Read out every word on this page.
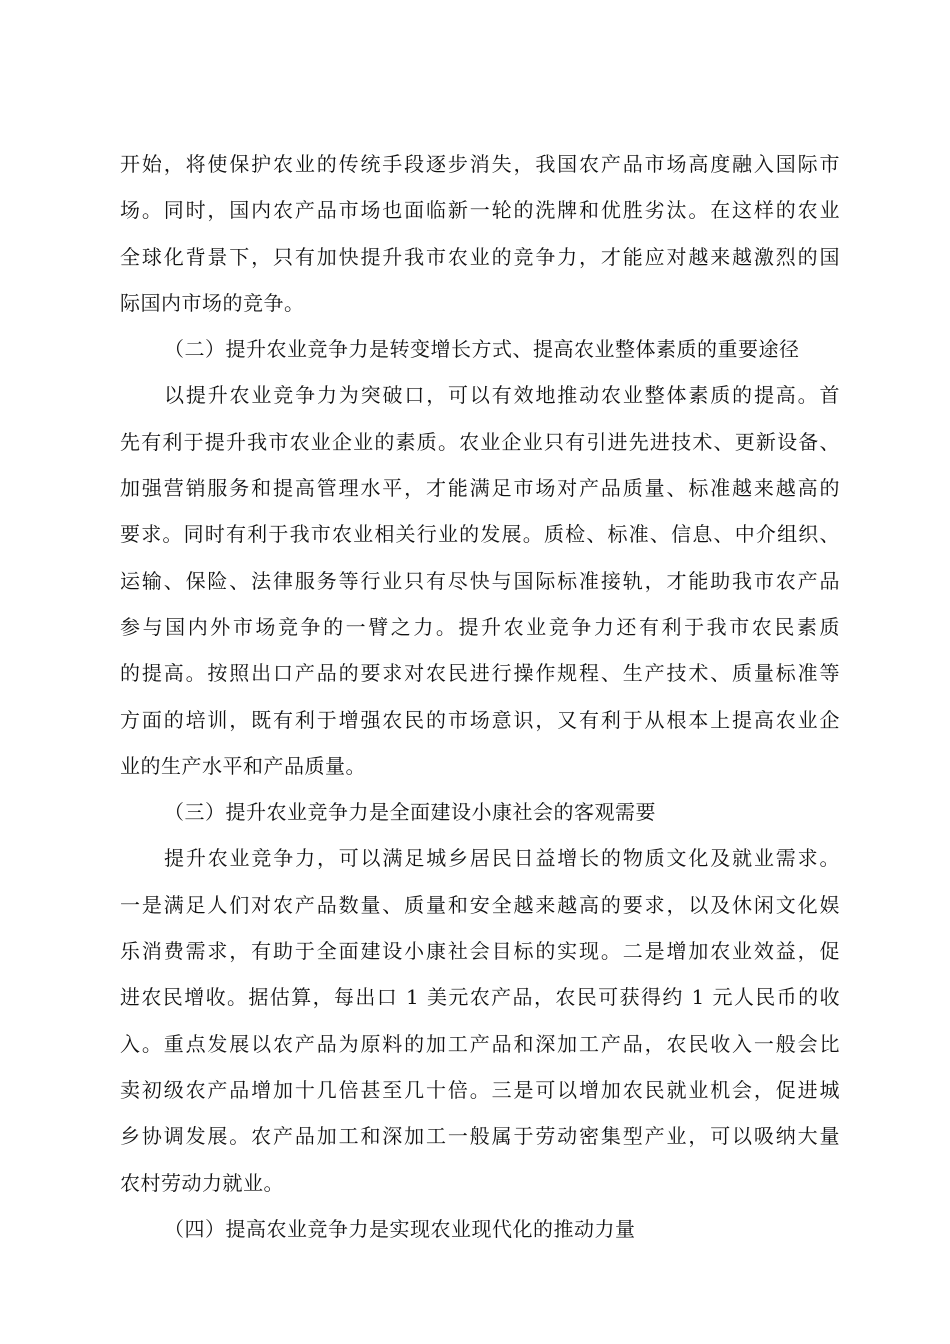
开始，将使保护农业的传统手段逐步消失，我国农产品市场高度融入国际市
场。同时，国内农产品市场也面临新一轮的洗牌和优胜劣汰。在这样的农业
全球化背景下，只有加快提升我市农业的竞争力，才能应对越来越激烈的国
际国内市场的竞争。
（二）提升农业竞争力是转变增长方式、提高农业整体素质的重要途径
以提升农业竞争力为突破口，可以有效地推动农业整体素质的提高。首
先有利于提升我市农业企业的素质。农业企业只有引进先进技术、更新设备、
加强营销服务和提高管理水平，才能满足市场对产品质量、标准越来越高的
要求。同时有利于我市农业相关行业的发展。质检、标准、信息、中介组织、
运输、保险、法律服务等行业只有尽快与国际标准接轨，才能助我市农产品
参与国内外市场竞争的一臂之力。提升农业竞争力还有利于我市农民素质
的提高。按照出口产品的要求对农民进行操作规程、生产技术、质量标准等
方面的培训，既有利于增强农民的市场意识，又有利于从根本上提高农业企
业的生产水平和产品质量。
（三）提升农业竞争力是全面建设小康社会的客观需要
提升农业竞争力，可以满足城乡居民日益增长的物质文化及就业需求。
一是满足人们对农产品数量、质量和安全越来越高的要求，以及休闲文化娱
乐消费需求，有助于全面建设小康社会目标的实现。二是增加农业效益，促
进农民增收。据估算，每出口 1 美元农产品，农民可获得约 1 元人民币的收
入。重点发展以农产品为原料的加工产品和深加工产品，农民收入一般会比
卖初级农产品增加十几倍甚至几十倍。三是可以增加农民就业机会，促进城
乡协调发展。农产品加工和深加工一般属于劳动密集型产业，可以吸纳大量
农村劳动力就业。
（四）提高农业竞争力是实现农业现代化的推动力量
